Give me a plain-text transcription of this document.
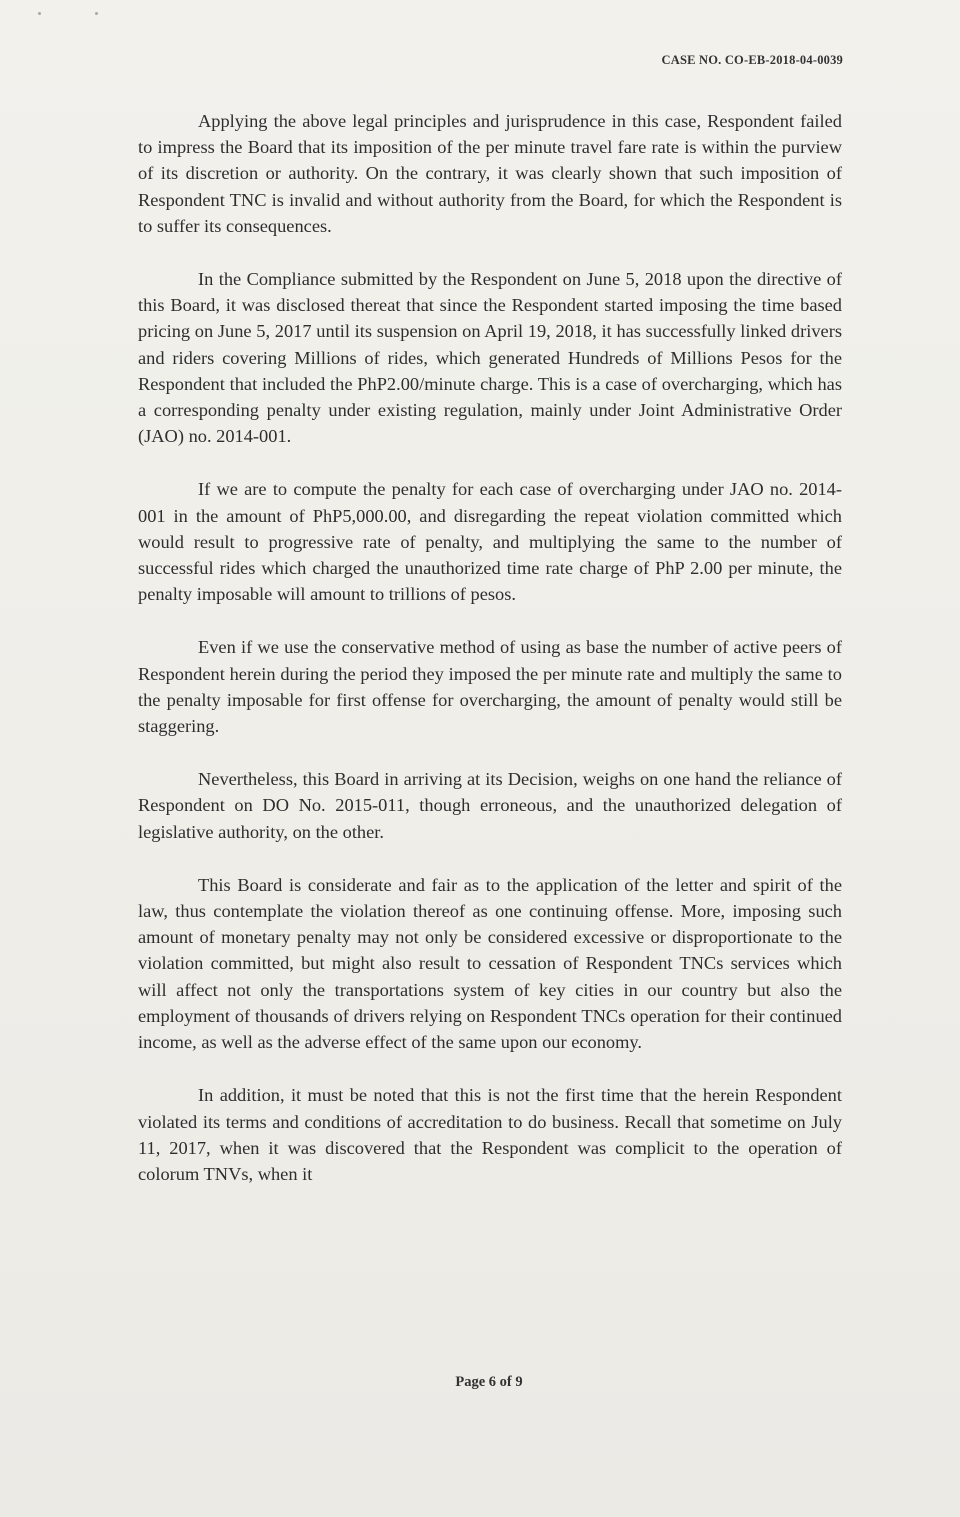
CASE NO. CO-EB-2018-04-0039

Applying the above legal principles and jurisprudence in this case, Respondent failed to impress the Board that its imposition of the per minute travel fare rate is within the purview of its discretion or authority. On the contrary, it was clearly shown that such imposition of Respondent TNC is invalid and without authority from the Board, for which the Respondent is to suffer its consequences.

In the Compliance submitted by the Respondent on June 5, 2018 upon the directive of this Board, it was disclosed thereat that since the Respondent started imposing the time based pricing on June 5, 2017 until its suspension on April 19, 2018, it has successfully linked drivers and riders covering Millions of rides, which generated Hundreds of Millions Pesos for the Respondent that included the PhP2.00/minute charge. This is a case of overcharging, which has a corresponding penalty under existing regulation, mainly under Joint Administrative Order (JAO) no. 2014-001.

If we are to compute the penalty for each case of overcharging under JAO no. 2014-001 in the amount of PhP5,000.00, and disregarding the repeat violation committed which would result to progressive rate of penalty, and multiplying the same to the number of successful rides which charged the unauthorized time rate charge of PhP 2.00 per minute, the penalty imposable will amount to trillions of pesos.

Even if we use the conservative method of using as base the number of active peers of Respondent herein during the period they imposed the per minute rate and multiply the same to the penalty imposable for first offense for overcharging, the amount of penalty would still be staggering.

Nevertheless, this Board in arriving at its Decision, weighs on one hand the reliance of Respondent on DO No. 2015-011, though erroneous, and the unauthorized delegation of legislative authority, on the other.

This Board is considerate and fair as to the application of the letter and spirit of the law, thus contemplate the violation thereof as one continuing offense. More, imposing such amount of monetary penalty may not only be considered excessive or disproportionate to the violation committed, but might also result to cessation of Respondent TNCs services which will affect not only the transportations system of key cities in our country but also the employment of thousands of drivers relying on Respondent TNCs operation for their continued income, as well as the adverse effect of the same upon our economy.

In addition, it must be noted that this is not the first time that the herein Respondent violated its terms and conditions of accreditation to do business. Recall that sometime on July 11, 2017, when it was discovered that the Respondent was complicit to the operation of colorum TNVs, when it

Page 6 of 9
